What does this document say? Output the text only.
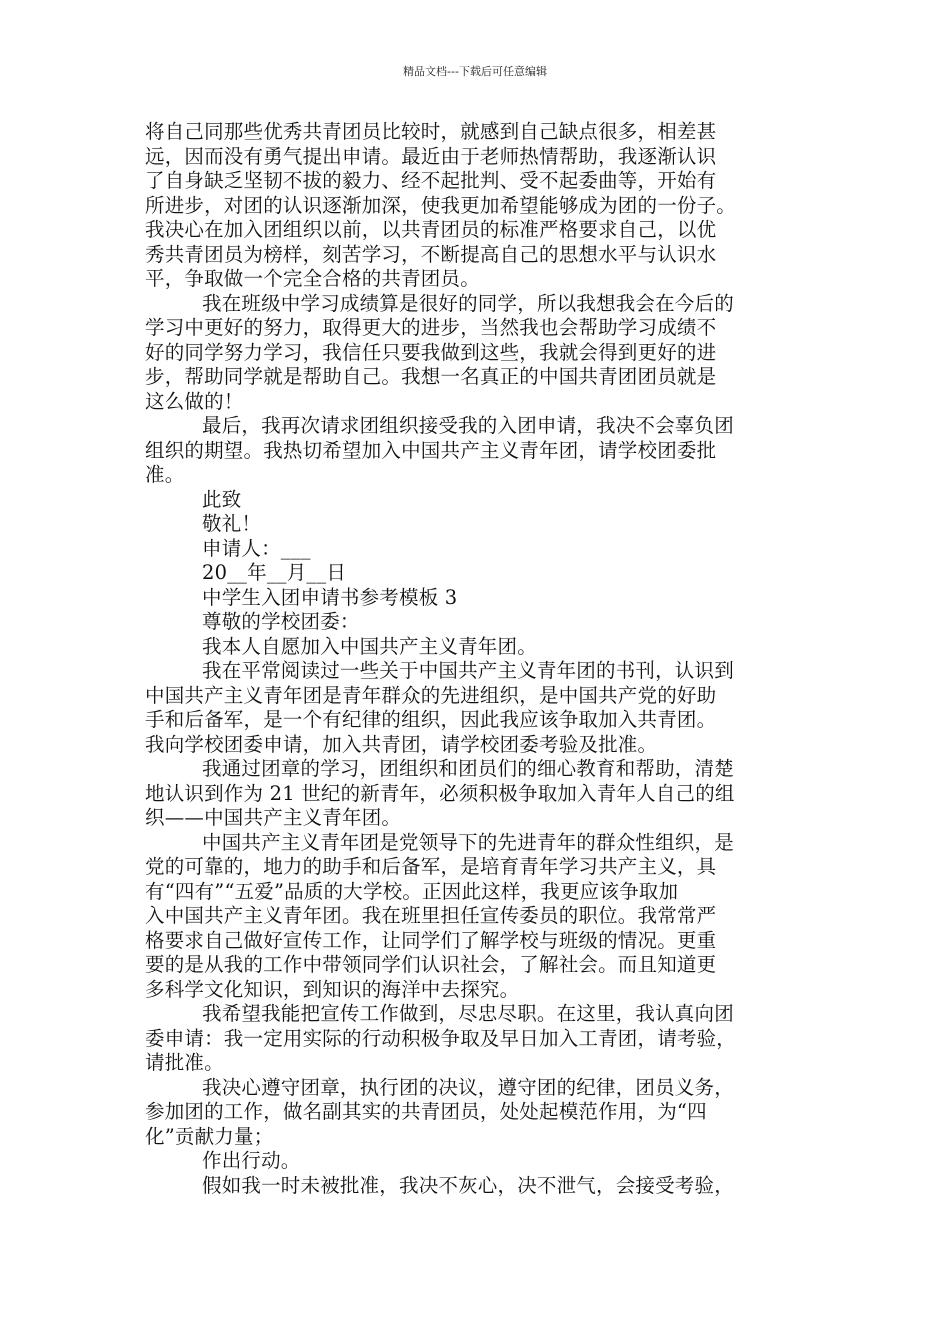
精品文档---下载后可任意编辑
将自己同那些优秀共青团员比较时，就感到自己缺点很多，相差甚
远，因而没有勇气提出申请。最近由于老师热情帮助，我逐渐认识
了自身缺乏坚韧不拔的毅力、经不起批判、受不起委曲等，开始有
所进步，对团的认识逐渐加深，使我更加希望能够成为团的一份子。
我决心在加入团组织以前，以共青团员的标准严格要求自己，以优
秀共青团员为榜样，刻苦学习，不断提高自己的思想水平与认识水
平，争取做一个完全合格的共青团员。
我在班级中学习成绩算是很好的同学，所以我想我会在今后的
学习中更好的努力，取得更大的进步，当然我也会帮助学习成绩不
好的同学努力学习，我信任只要我做到这些，我就会得到更好的进
步，帮助同学就是帮助自己。我想一名真正的中国共青团团员就是
这么做的！
最后，我再次请求团组织接受我的入团申请，我决不会辜负团
组织的期望。我热切希望加入中国共产主义青年团，请学校团委批
准。
此致
敬礼！
申请人：___
20__年__月__日
中学生入团申请书参考模板 3
尊敬的学校团委：
我本人自愿加入中国共产主义青年团。
我在平常阅读过一些关于中国共产主义青年团的书刊，认识到
中国共产主义青年团是青年群众的先进组织，是中国共产党的好助
手和后备军，是一个有纪律的组织，因此我应该争取加入共青团。
我向学校团委申请，加入共青团，请学校团委考验及批准。
我通过团章的学习，团组织和团员们的细心教育和帮助，清楚
地认识到作为 21 世纪的新青年，必须积极争取加入青年人自己的组
织——中国共产主义青年团。
中国共产主义青年团是党领导下的先进青年的群众性组织，是
党的可靠的，地力的助手和后备军，是培育青年学习共产主义，具
有“四有”“五爱”品质的大学校。正因此这样，我更应该争取加
入中国共产主义青年团。我在班里担任宣传委员的职位。我常常严
格要求自己做好宣传工作，让同学们了解学校与班级的情况。更重
要的是从我的工作中带领同学们认识社会，了解社会。而且知道更
多科学文化知识，到知识的海洋中去探究。
我希望我能把宣传工作做到，尽忠尽职。在这里，我认真向团
委申请：我一定用实际的行动积极争取及早日加入工青团，请考验，
请批准。
我决心遵守团章，执行团的决议，遵守团的纪律，团员义务，
参加团的工作，做名副其实的共青团员，处处起模范作用，为“四
化”贡献力量；
作出行动。
假如我一时未被批准，我决不灰心，决不泄气，会接受考验，
